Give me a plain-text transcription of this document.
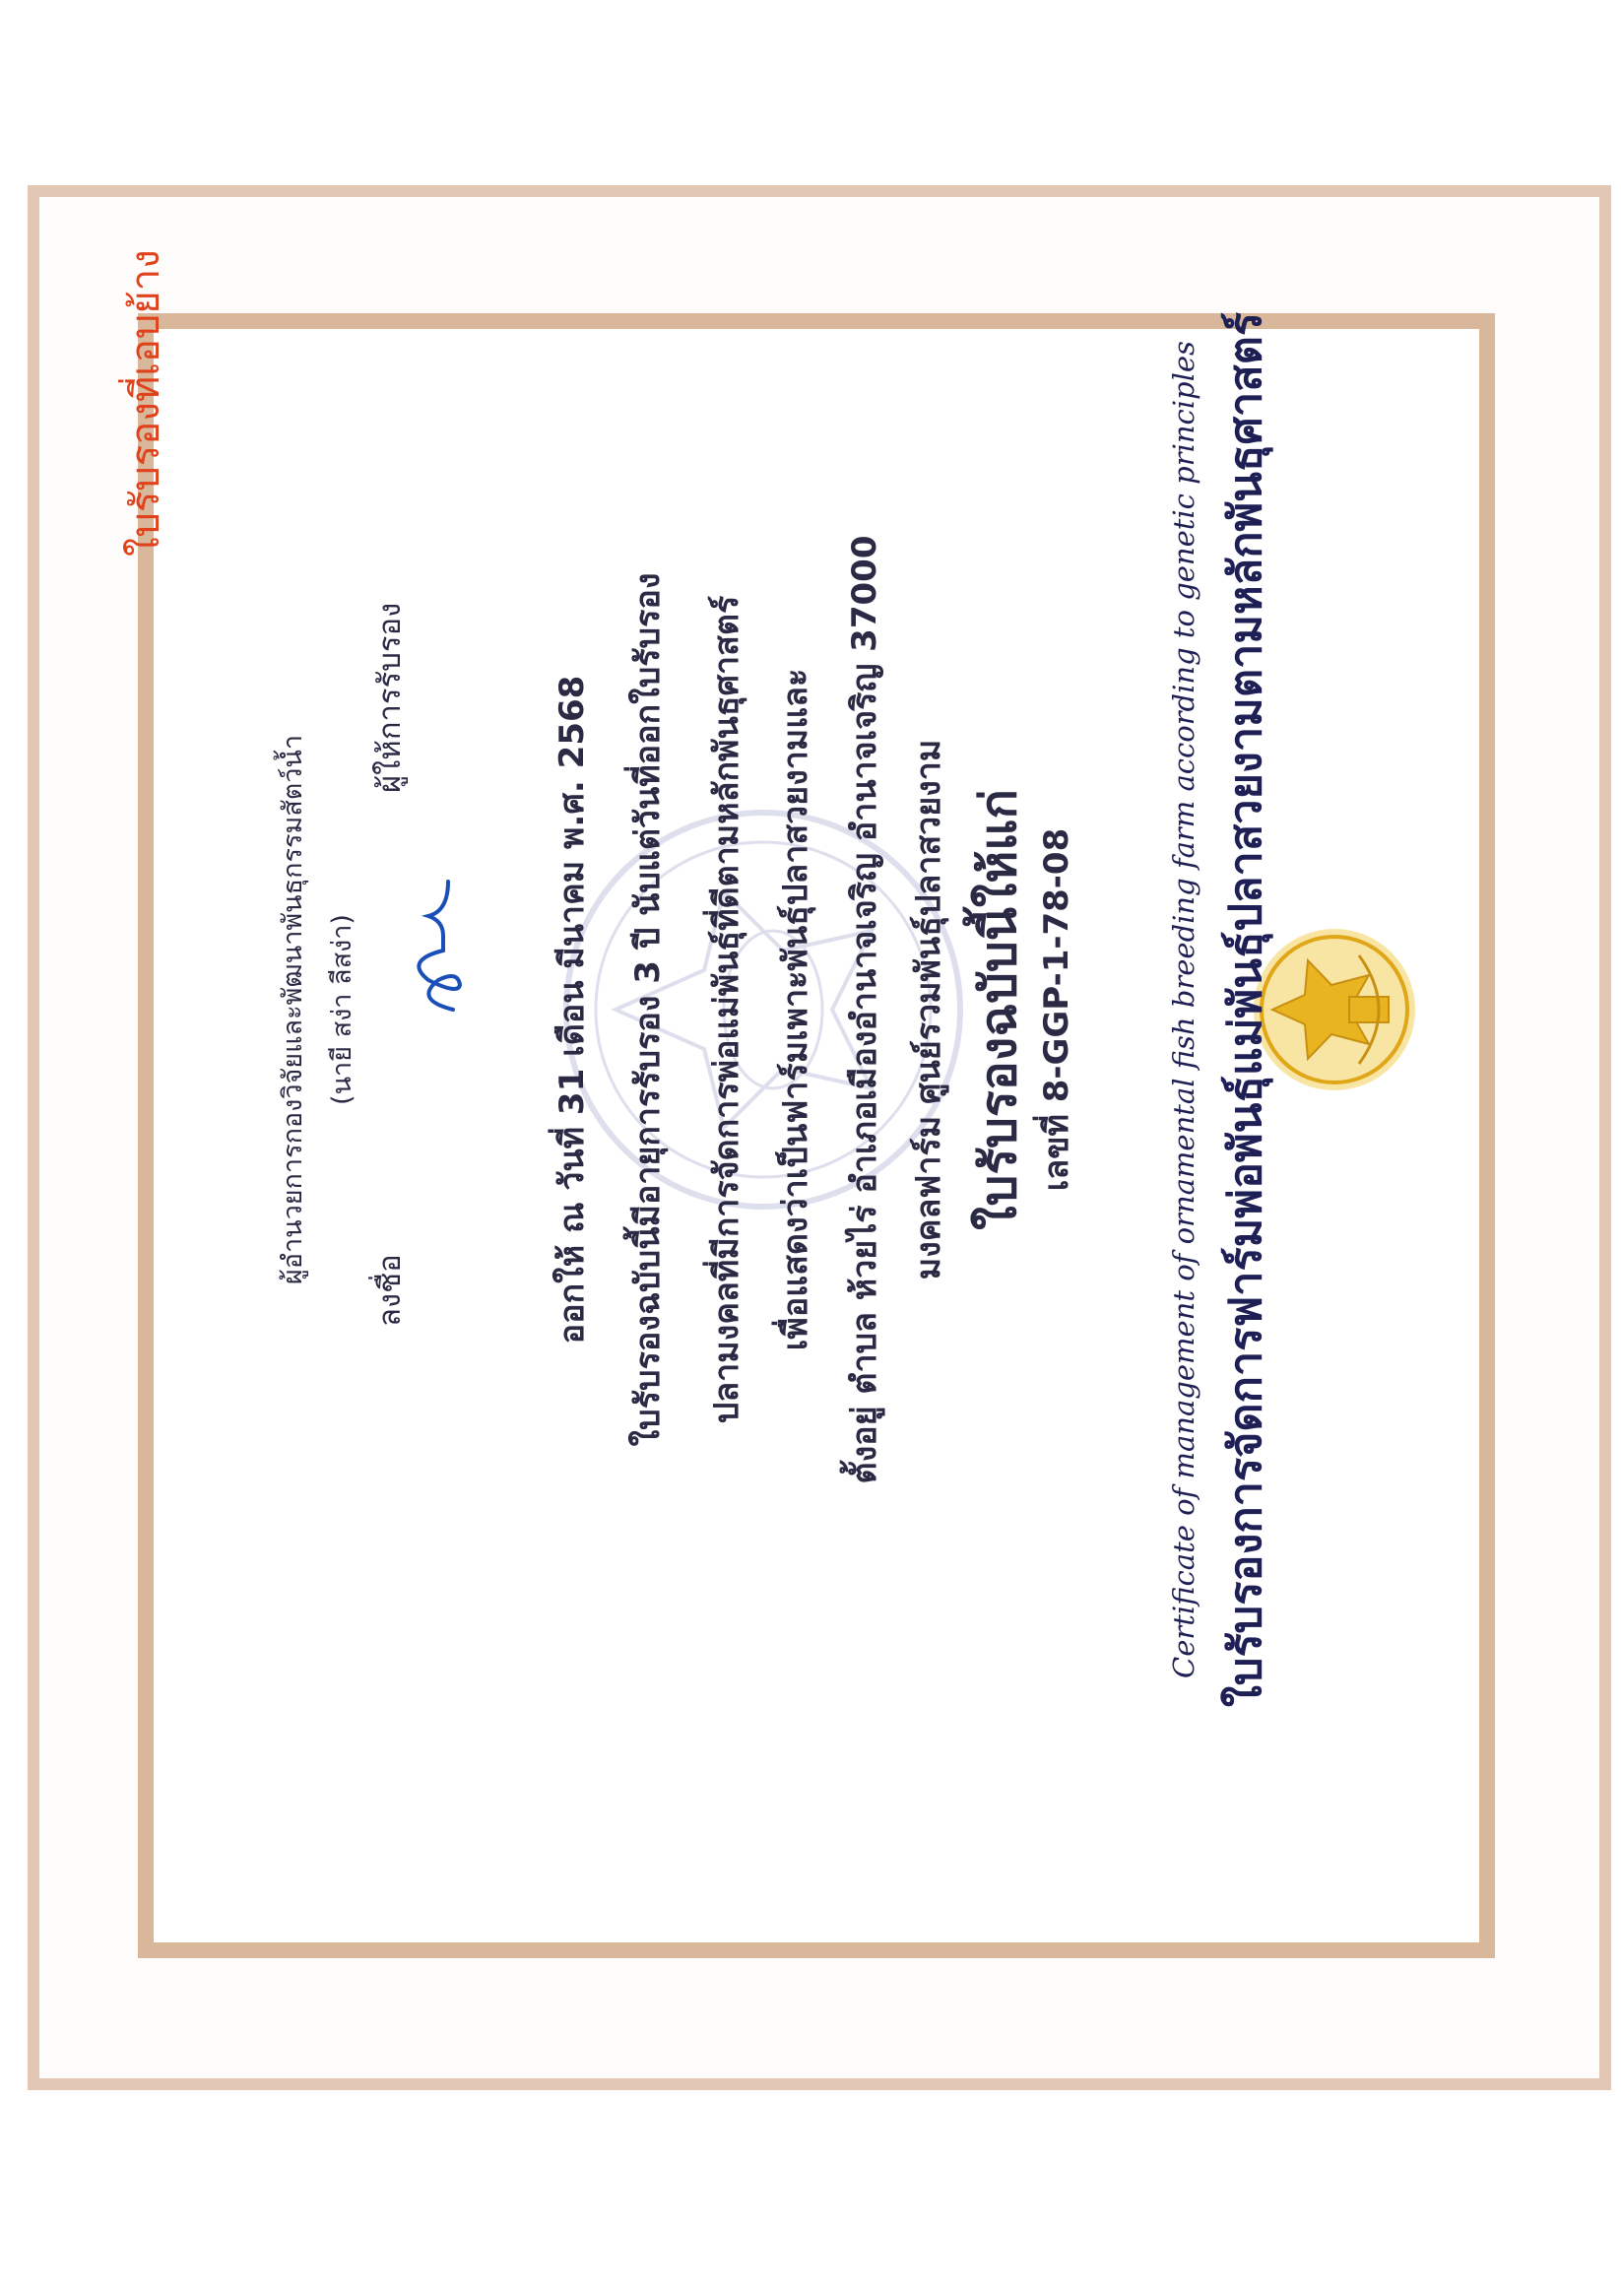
ใบรับรองที่เอบย้าง	ใบรับรองการจัดการฟาร์มพ่อพันธุ์แม่พันธุ์ปลาสวยงามตามหลักพันธุศาสตร์
Certificate of management of ornamental fish breeding farm according to genetic principles
เลขที่ 8-GGP-1-78-08
ใบรับรองฉบับนี้ให้แก่
มงคลฟาร์ม ศูนย์รวมพันธุ์ปลาสวยงาม
ตั้งอยู่ ตำบล ห้วยไร่ อำเภอเมืองอำนาจเจริญ อำนาจเจริญ 37000
เพื่อแสดงว่าเป็นฟาร์มเพาะพันธุ์ปลาสวยงามและ
ปลามงคลที่มีการจัดการพ่อแม่พันธุ์ที่ดีตามหลักพันธุศาสตร์
ใบรับรองฉบับนี้มีอายุการรับรอง 3 ปี นับแต่วันที่ออกใบรับรอง
ออกให้ ณ วันที่ 31 เดือน มีนาคม พ.ศ. 2568
ลงชื่อ
ผู้ให้การรับรอง
(นายี สง่า ลีสง่า)
ผู้อำนวยการกองวิจัยและพัฒนาพันธุกรรมสัตว์น้ำ
